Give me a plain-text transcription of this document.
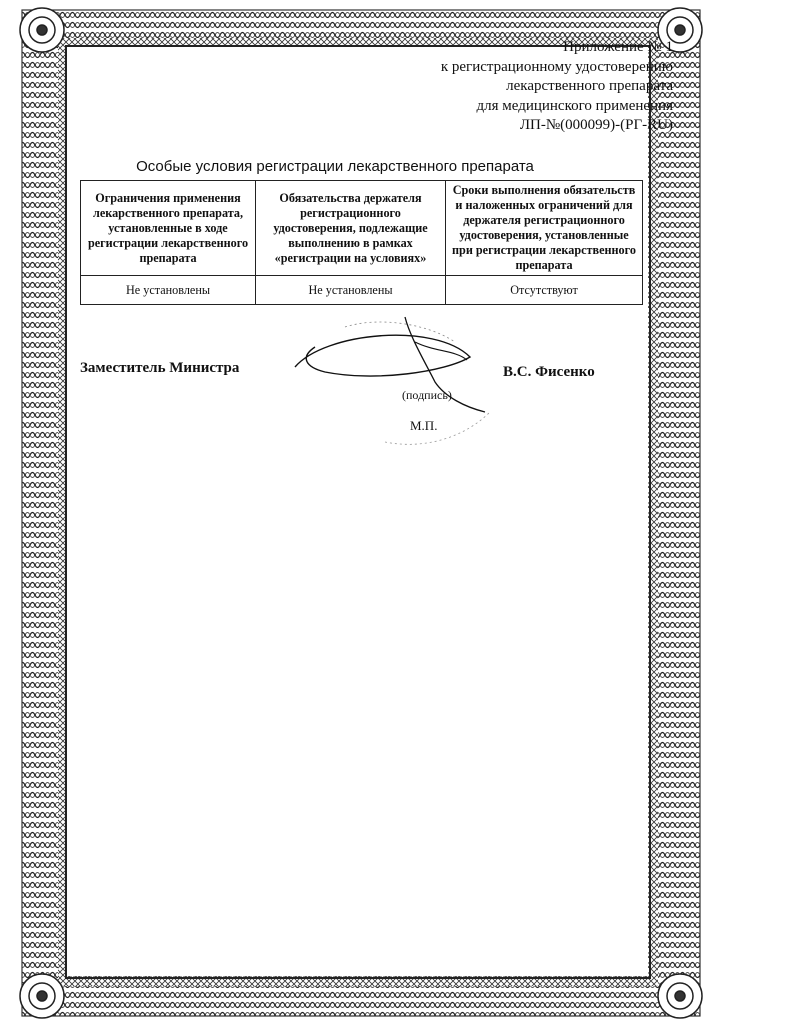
Приложение № 1
к регистрационному удостоверению
лекарственного препарата
для медицинского применения
ЛП-№(000099)-(РГ-RU)
Особые условия регистрации лекарственного препарата
Ограничения применения лекарственного препарата, установленные в ходе регистрации лекарственного препарата	Обязательства держателя регистрационного удостоверения, подлежащие выполнению в рамках «регистрации на условиях»	Сроки выполнения обязательств и наложенных ограничений для держателя регистрационного удостоверения, установленные при регистрации лекарственного препарата
Не установлены	Не установлены	Отсутствуют
Заместитель Министра
(подпись)
В.С. Фисенко
М.П.
